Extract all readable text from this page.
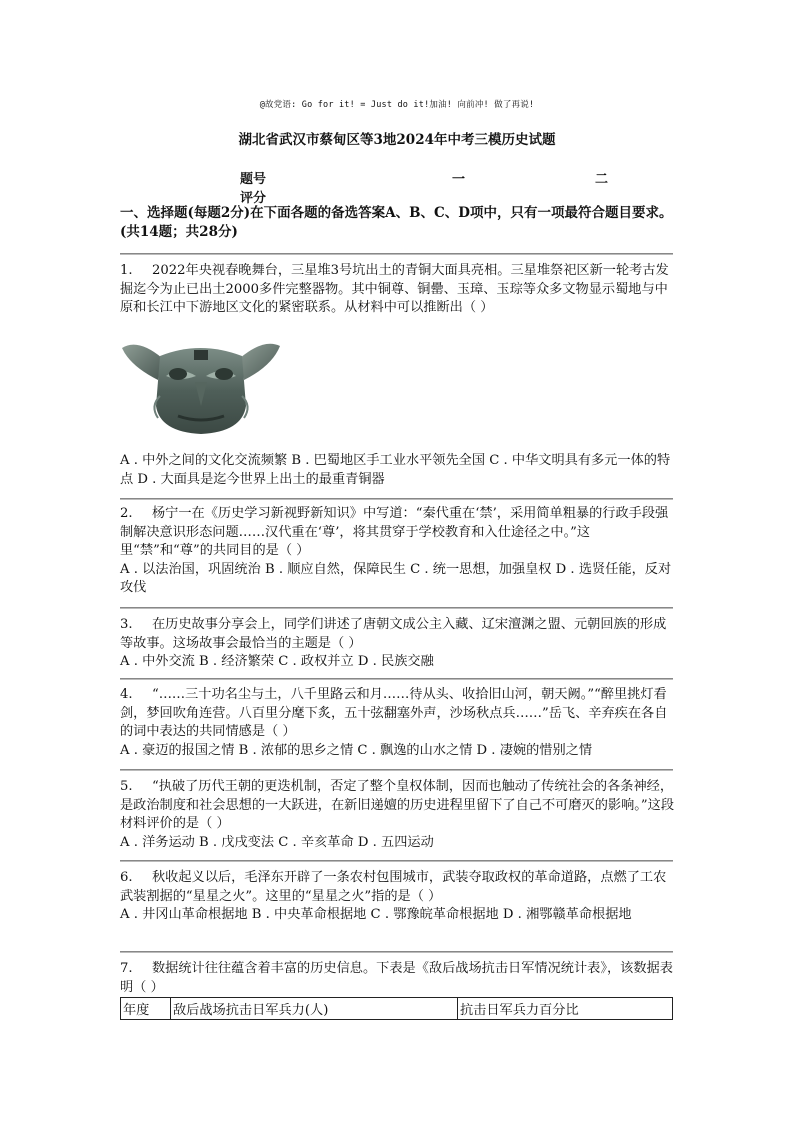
@故党语: Go for it! = Just do it!加油! 向前冲! 做了再说!
湖北省武汉市蔡甸区等3地2024年中考三模历史试题
题号	一	二
评分
一、选择题(每题2分)在下面各题的备选答案A、B、C、D项中，只有一项最符合题目要求。(共14题；共28分)

1. 2022年央视春晚舞台，三星堆3号坑出土的青铜大面具亮相。三星堆祭祀区新一轮考古发掘迄今为止已出土2000多件完整器物。其中铜尊、铜罍、玉璋、玉琮等众多文物显示蜀地与中原和长江中下游地区文化的紧密联系。从材料中可以推断出（ ）

A . 中外之间的文化交流频繁 B . 巴蜀地区手工业水平领先全国 C . 中华文明具有多元一体的特点 D . 大面具是迄今世界上出土的最重青铜器

2. 杨宁一在《历史学习新视野新知识》中写道：“秦代重在‘禁’，采用简单粗暴的行政手段强制解决意识形态问题……汉代重在‘尊’，将其贯穿于学校教育和入仕途径之中。”这里“禁”和“尊”的共同目的是（ ）

A . 以法治国，巩固统治 B . 顺应自然，保障民生 C . 统一思想，加强皇权 D . 选贤任能，反对攻伐

3. 在历史故事分享会上，同学们讲述了唐朝文成公主入藏、辽宋澶渊之盟、元朝回族的形成等故事。这场故事会最恰当的主题是（ ）

A . 中外交流 B . 经济繁荣 C . 政权并立 D . 民族交融

4. “……三十功名尘与土，八千里路云和月……待从头、收拾旧山河，朝天阙。”“醉里挑灯看剑，梦回吹角连营。八百里分麾下炙，五十弦翻塞外声，沙场秋点兵……”岳飞、辛弃疾在各自的词中表达的共同情感是（ ）

A . 豪迈的报国之情 B . 浓郁的思乡之情 C . 飘逸的山水之情 D . 凄婉的惜别之情

5. “执破了历代王朝的更迭机制，否定了整个皇权体制，因而也触动了传统社会的各条神经，是政治制度和社会思想的一大跃进，在新旧递嬗的历史进程里留下了自己不可磨灭的影响。”这段材料评价的是（ ）

A . 洋务运动 B . 戊戌变法 C . 辛亥革命 D . 五四运动

6. 秋收起义以后，毛泽东开辟了一条农村包围城市，武装夺取政权的革命道路，点燃了工农武装割据的“星星之火”。这里的“星星之火”指的是（ ）

A . 井冈山革命根据地 B . 中央革命根据地 C . 鄂豫皖革命根据地 D . 湘鄂赣革命根据地

7. 数据统计往往蕴含着丰富的历史信息。下表是《敌后战场抗击日军情况统计表》，该数据表明（ ）

年度	敌后战场抗击日军兵力(人)	抗击日军兵力百分比
